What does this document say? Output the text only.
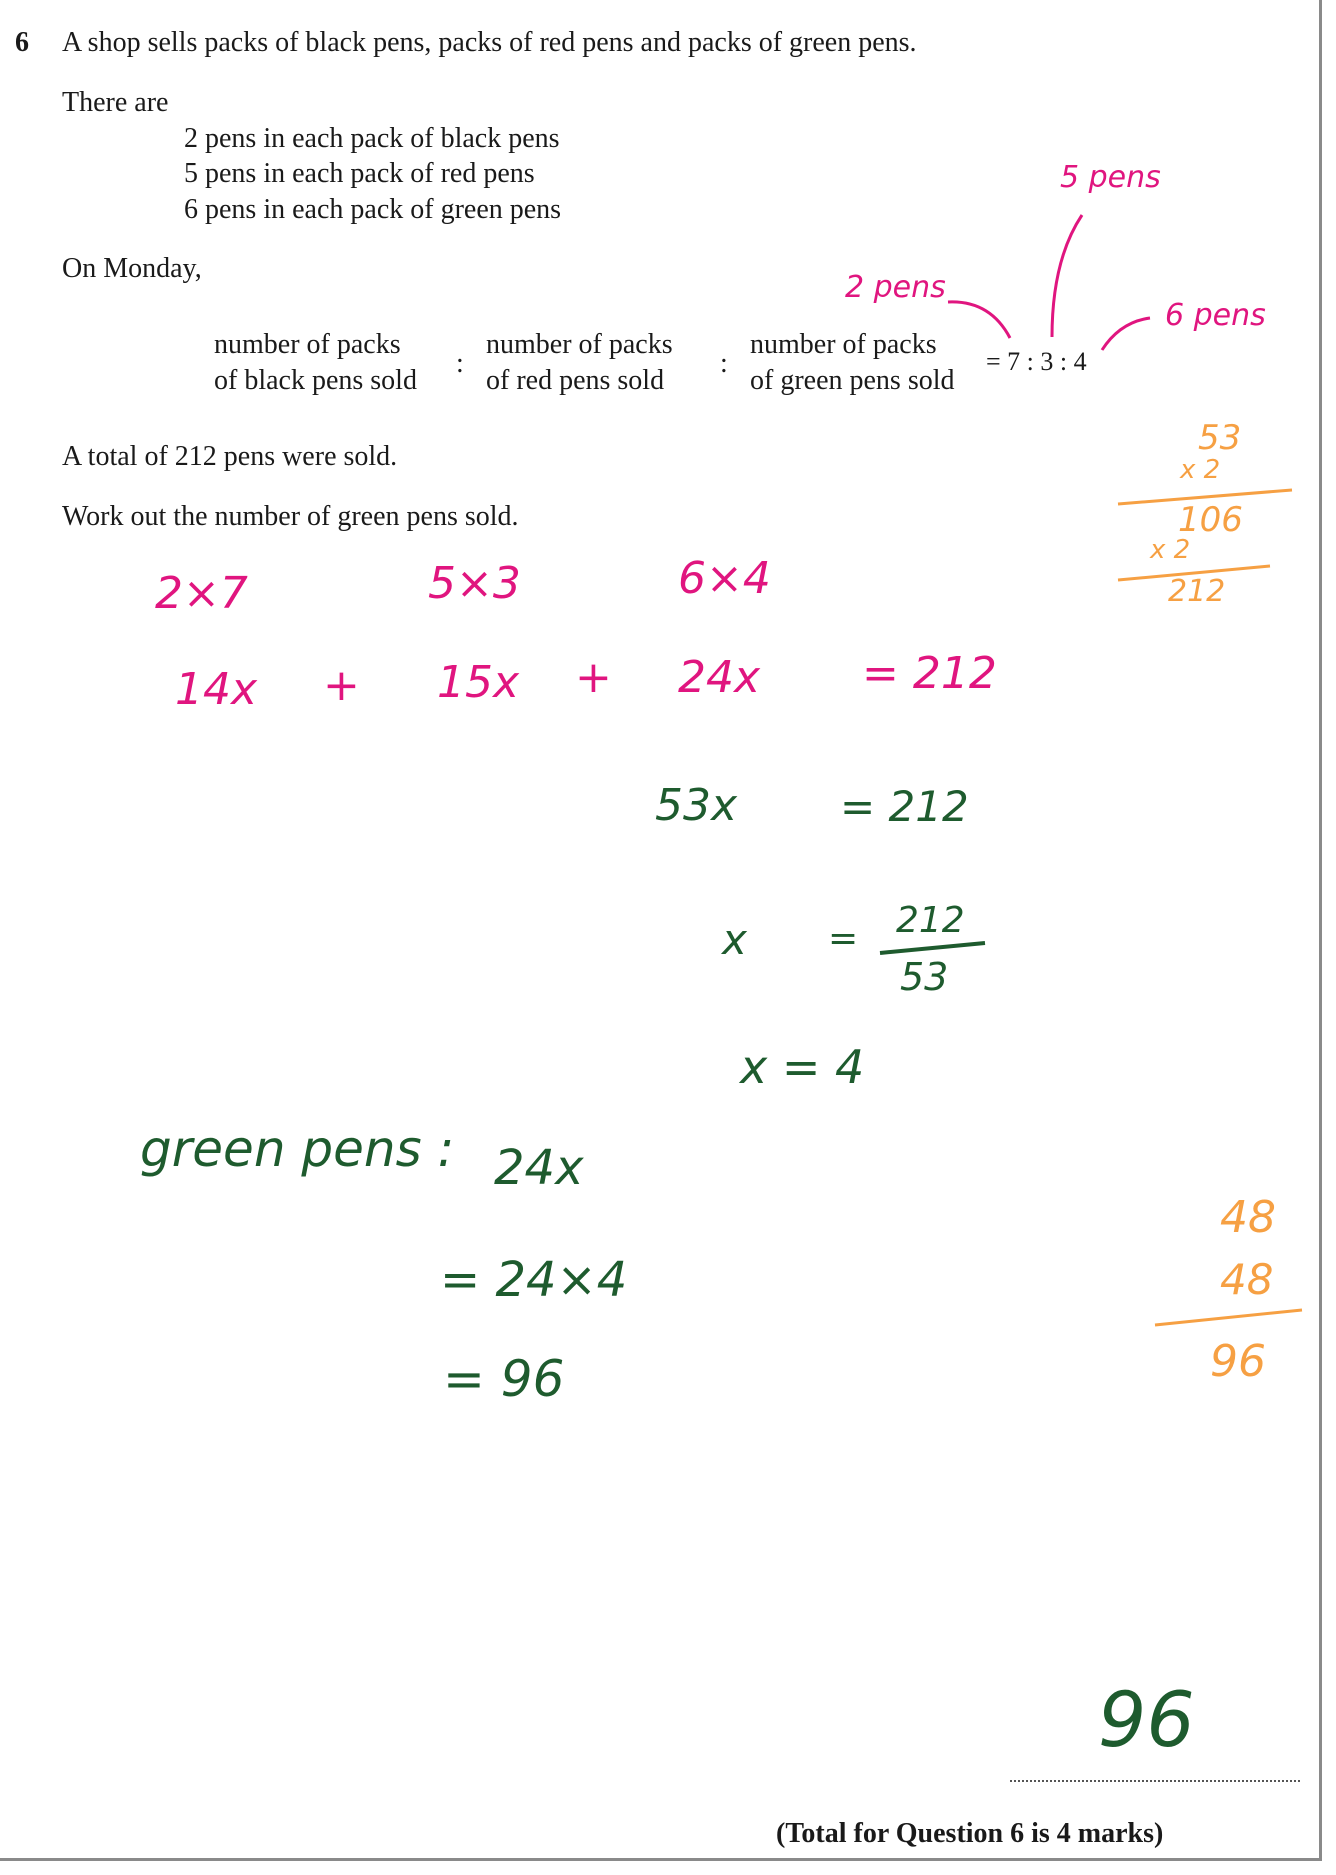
6 A shop sells packs of black pens, packs of red pens and packs of green pens.
There are
2 pens in each pack of black pens
5 pens in each pack of red pens
6 pens in each pack of green pens
On Monday,
number of packs
of black pens sold
:
number of packs
of red pens sold
:
number of packs
of green pens sold
= 7 : 3 : 4
A total of 212 pens were sold.
Work out the number of green pens sold.
2 pens
5 pens
6 pens
2×7	5×3	6×4
14x + 15x + 24x = 212
53x = 212
x = 212
53
x = 4
green pens : 24x
= 24×4
= 96
53
x 2
106
x 2
212
48
48
96
96
(Total for Question 6 is 4 marks)
